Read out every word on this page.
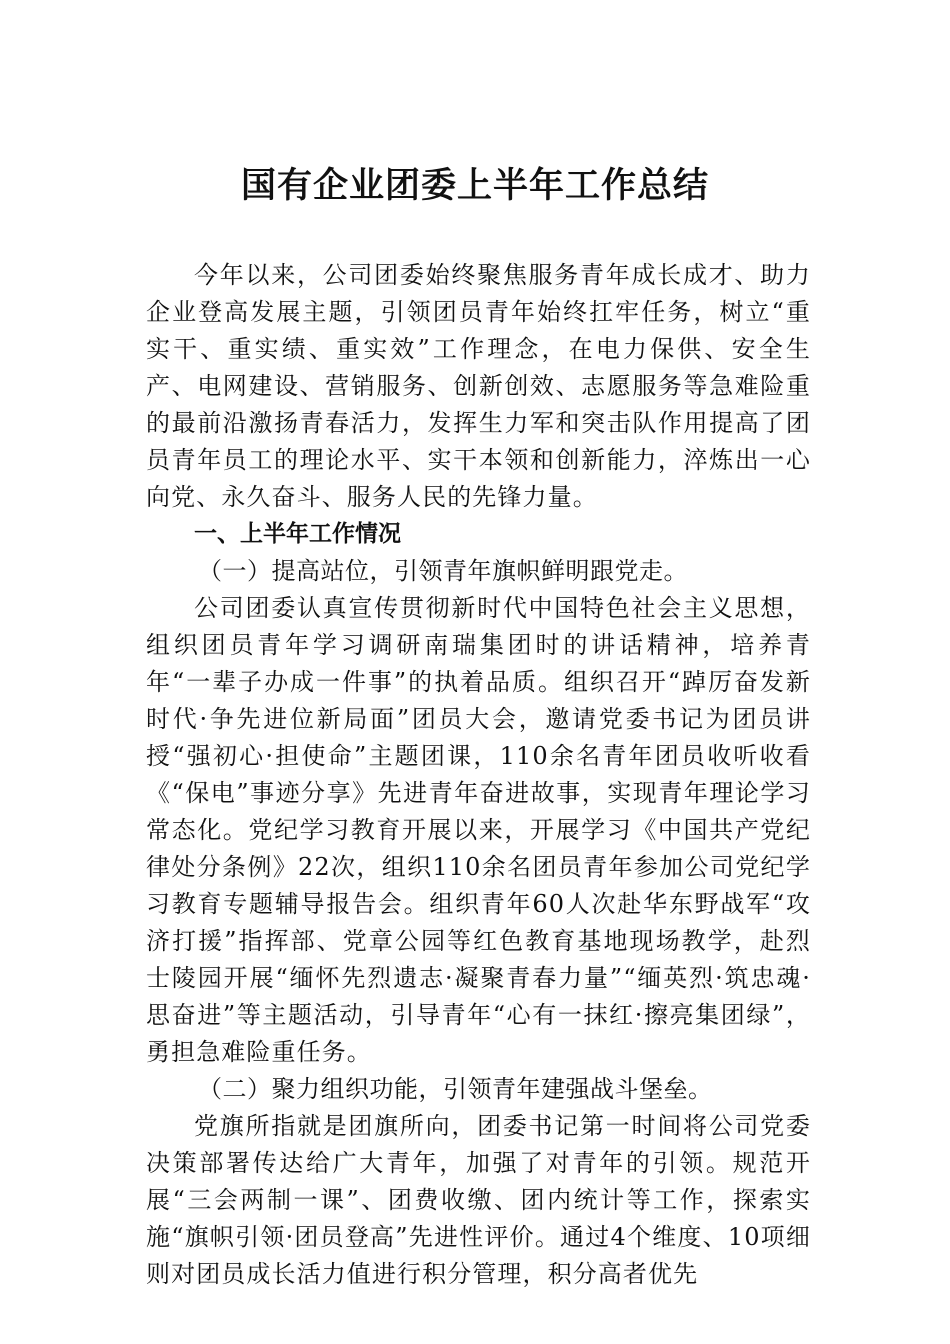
国有企业团委上半年工作总结

今年以来，公司团委始终聚焦服务青年成长成才、助力企业登高发展主题，引领团员青年始终扛牢任务，树立“重实干、重实绩、重实效”工作理念，在电力保供、安全生产、电网建设、营销服务、创新创效、志愿服务等急难险重的最前沿激扬青春活力，发挥生力军和突击队作用提高了团员青年员工的理论水平、实干本领和创新能力，淬炼出一心向党、永久奋斗、服务人民的先锋力量。

一、上半年工作情况

（一）提高站位，引领青年旗帜鲜明跟党走。

公司团委认真宣传贯彻新时代中国特色社会主义思想，组织团员青年学习调研南瑞集团时的讲话精神，培养青年“一辈子办成一件事”的执着品质。组织召开“踔厉奋发新时代·争先进位新局面”团员大会，邀请党委书记为团员讲授“强初心·担使命”主题团课，110余名青年团员收听收看《“保电”事迹分享》先进青年奋进故事，实现青年理论学习常态化。党纪学习教育开展以来，开展学习《中国共产党纪律处分条例》22次，组织110余名团员青年参加公司党纪学习教育专题辅导报告会。组织青年60人次赴华东野战军“攻济打援”指挥部、党章公园等红色教育基地现场教学，赴烈士陵园开展“缅怀先烈遗志·凝聚青春力量”“缅英烈·筑忠魂·思奋进”等主题活动，引导青年“心有一抹红·擦亮集团绿”，勇担急难险重任务。

（二）聚力组织功能，引领青年建强战斗堡垒。

党旗所指就是团旗所向，团委书记第一时间将公司党委决策部署传达给广大青年，加强了对青年的引领。规范开展“三会两制一课”、团费收缴、团内统计等工作，探索实施“旗帜引领·团员登高”先进性评价。通过4个维度、10项细则对团员成长活力值进行积分管理，积分高者优先
